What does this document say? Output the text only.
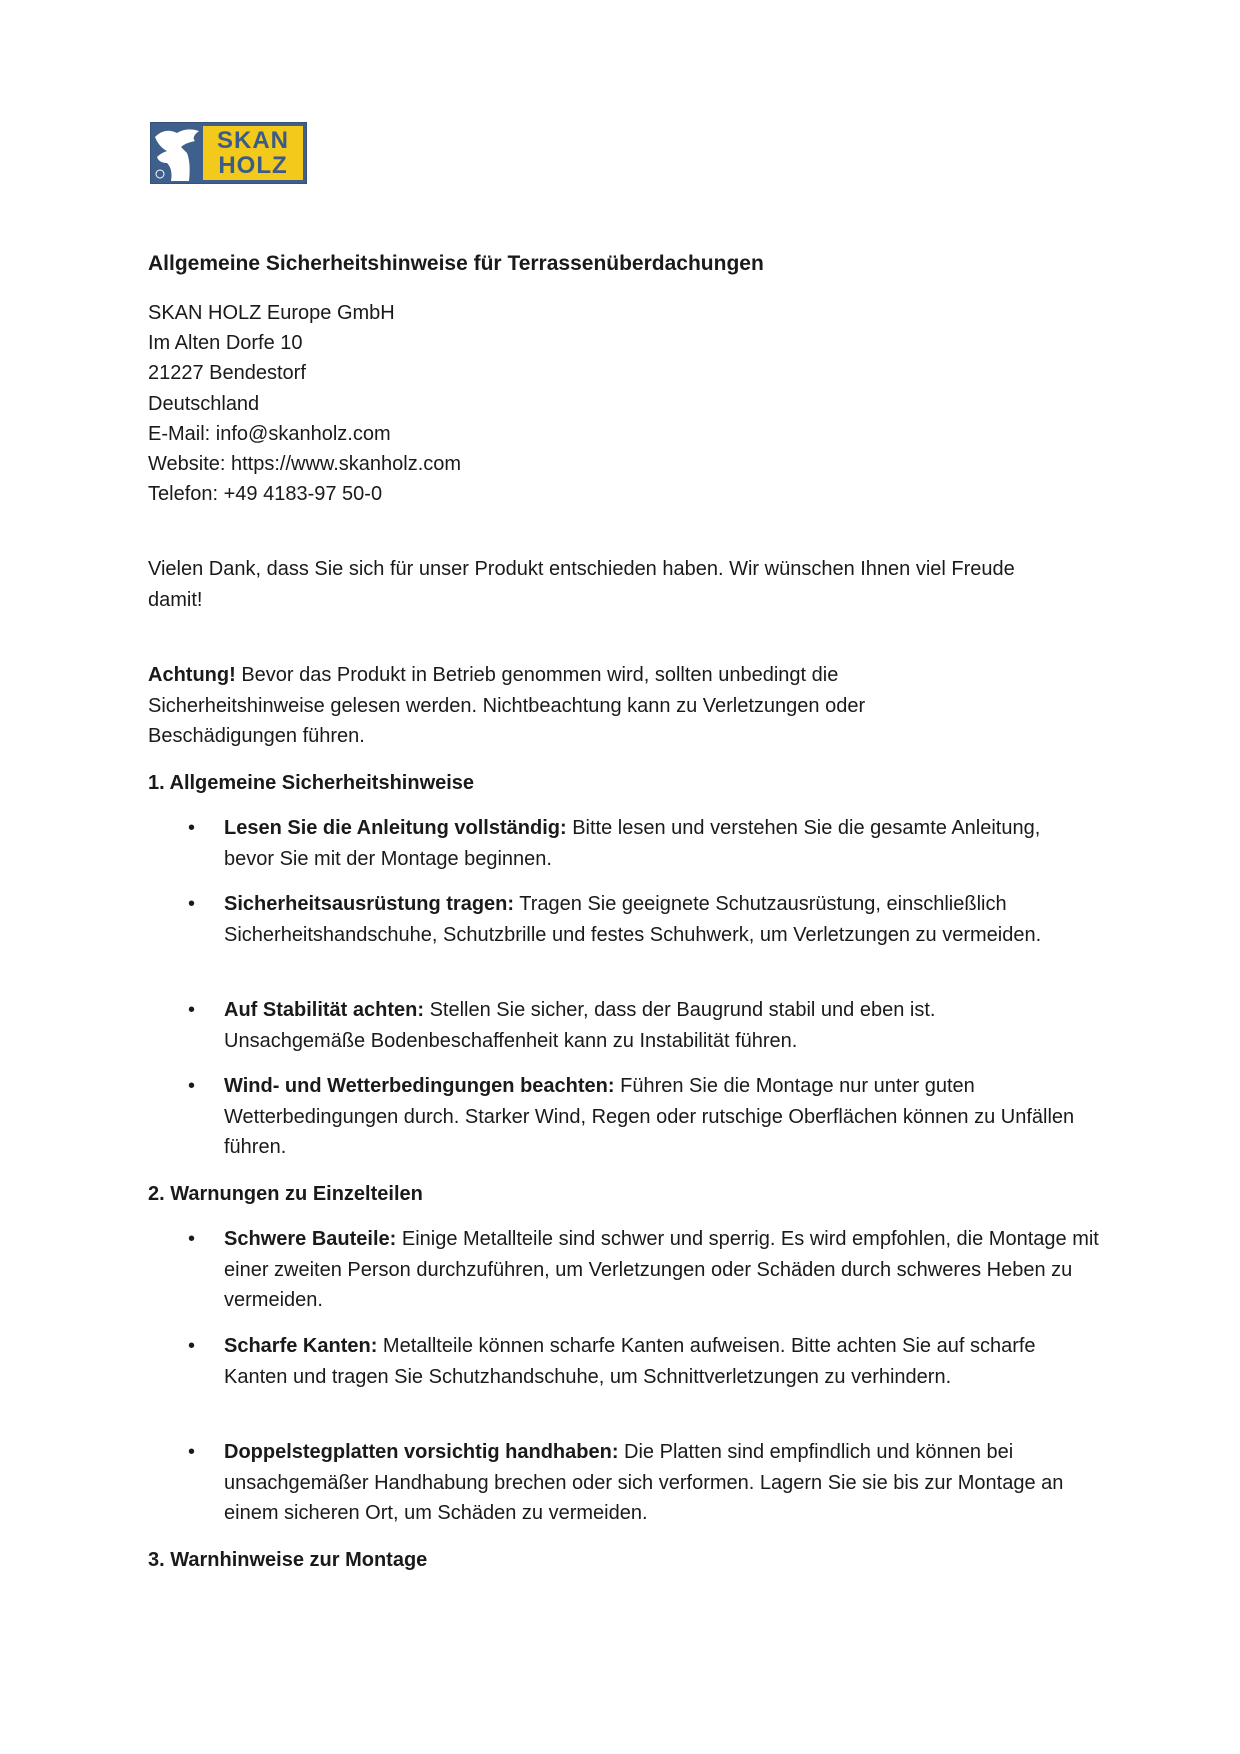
SKAN
HOLZ
Allgemeine Sicherheitshinweise für Terrassenüberdachungen
SKAN HOLZ Europe GmbH
Im Alten Dorfe 10
21227 Bendestorf
Deutschland
E-Mail: info@skanholz.com
Website: https://www.skanholz.com
Telefon: +49 4183-97 50-0
Vielen Dank, dass Sie sich für unser Produkt entschieden haben. Wir wünschen Ihnen viel Freude damit!
Achtung! Bevor das Produkt in Betrieb genommen wird, sollten unbedingt die Sicherheitshinweise gelesen werden. Nichtbeachtung kann zu Verletzungen oder Beschädigungen führen.
1. Allgemeine Sicherheitshinweise
• Lesen Sie die Anleitung vollständig: Bitte lesen und verstehen Sie die gesamte Anleitung, bevor Sie mit der Montage beginnen.
• Sicherheitsausrüstung tragen: Tragen Sie geeignete Schutzausrüstung, einschließlich Sicherheitshandschuhe, Schutzbrille und festes Schuhwerk, um Verletzungen zu vermeiden.
• Auf Stabilität achten: Stellen Sie sicher, dass der Baugrund stabil und eben ist. Unsachgemäße Bodenbeschaffenheit kann zu Instabilität führen.
• Wind- und Wetterbedingungen beachten: Führen Sie die Montage nur unter guten Wetterbedingungen durch. Starker Wind, Regen oder rutschige Oberflächen können zu Unfällen führen.
2. Warnungen zu Einzelteilen
• Schwere Bauteile: Einige Metallteile sind schwer und sperrig. Es wird empfohlen, die Montage mit einer zweiten Person durchzuführen, um Verletzungen oder Schäden durch schweres Heben zu vermeiden.
• Scharfe Kanten: Metallteile können scharfe Kanten aufweisen. Bitte achten Sie auf scharfe Kanten und tragen Sie Schutzhandschuhe, um Schnittverletzungen zu verhindern.
• Doppelstegplatten vorsichtig handhaben: Die Platten sind empfindlich und können bei unsachgemäßer Handhabung brechen oder sich verformen. Lagern Sie sie bis zur Montage an einem sicheren Ort, um Schäden zu vermeiden.
3. Warnhinweise zur Montage
